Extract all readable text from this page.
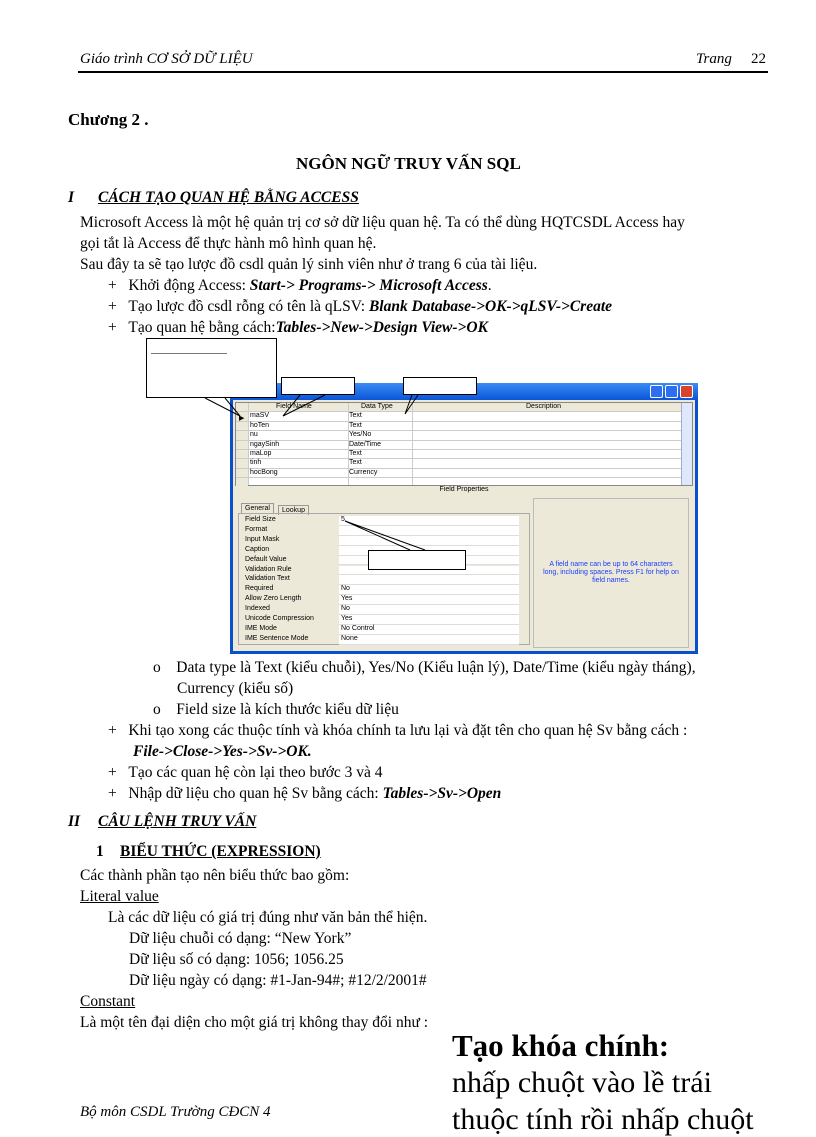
Giáo trình CƠ SỞ DỮ LIỆU	Trang 22
Chương 2 .
NGÔN NGỮ TRUY VẤN SQL
I CÁCH TẠO QUAN HỆ BẰNG ACCESS
Microsoft Access là một hệ quản trị cơ sở dữ liệu quan hệ. Ta có thể dùng HQTCSDL Access hay
gọi tắt là Access để thực hành mô hình quan hệ.
Sau đây ta sẽ tạo lược đồ csdl quản lý sinh viên như ở trang 6 của tài liệu.
+   Khởi động Access: Start-> Programs-> Microsoft Access.
+   Tạo lược đồ csdl rỗng có tên là qLSV: Blank Database->OK->qLSV->Create
+   Tạo quan hệ bằng cách:Tables->New->Design View->OK
Field Name	Data Type	Description
▶ maSV	Text
hoTen	Text
nu	Yes/No
ngaySinh	Date/Time
maLop	Text
tinh	Text
hocBong	Currency
Field Properties
General	Lookup
Field Size	5
Format
Input Mask
Caption
Default Value
Validation Rule
Validation Text
Required	No
Allow Zero Length	Yes
Indexed	No
Unicode Compression	Yes
IME Mode	No Control
IME Sentence Mode	None
A field name can be up to 64 characters long, including spaces. Press F1 for help on field names.
o    Data type là Text (kiểu chuỗi), Yes/No (Kiểu luận lý), Date/Time (kiểu ngày tháng),
Currency (kiểu số)
o    Field size là kích thước kiểu dữ liệu
+   Khi tạo xong các thuộc tính và khóa chính ta lưu lại và đặt tên cho quan hệ Sv bằng cách :
File->Close->Yes->Sv->OK.
+   Tạo các quan hệ còn lại theo bước 3 và 4
+   Nhập dữ liệu cho quan hệ Sv bằng cách: Tables->Sv->Open
II CÂU LỆNH TRUY VẤN
1 BIỂU THỨC (EXPRESSION)
Các thành phần tạo nên biểu thức bao gồm:
Literal value
Là các dữ liệu có giá trị đúng như văn bản thể hiện.
Dữ liệu chuỗi có dạng: “New York”
Dữ liệu số có dạng: 1056; 1056.25
Dữ liệu ngày có dạng: #1-Jan-94#; #12/2/2001#
Constant
Là một tên đại diện cho một giá trị không thay đổi như :
Tạo khóa chính:
nhấp chuột vào lề trái
thuộc tính rồi nhấp chuột
Bộ môn CSDL Trường CĐCN 4
